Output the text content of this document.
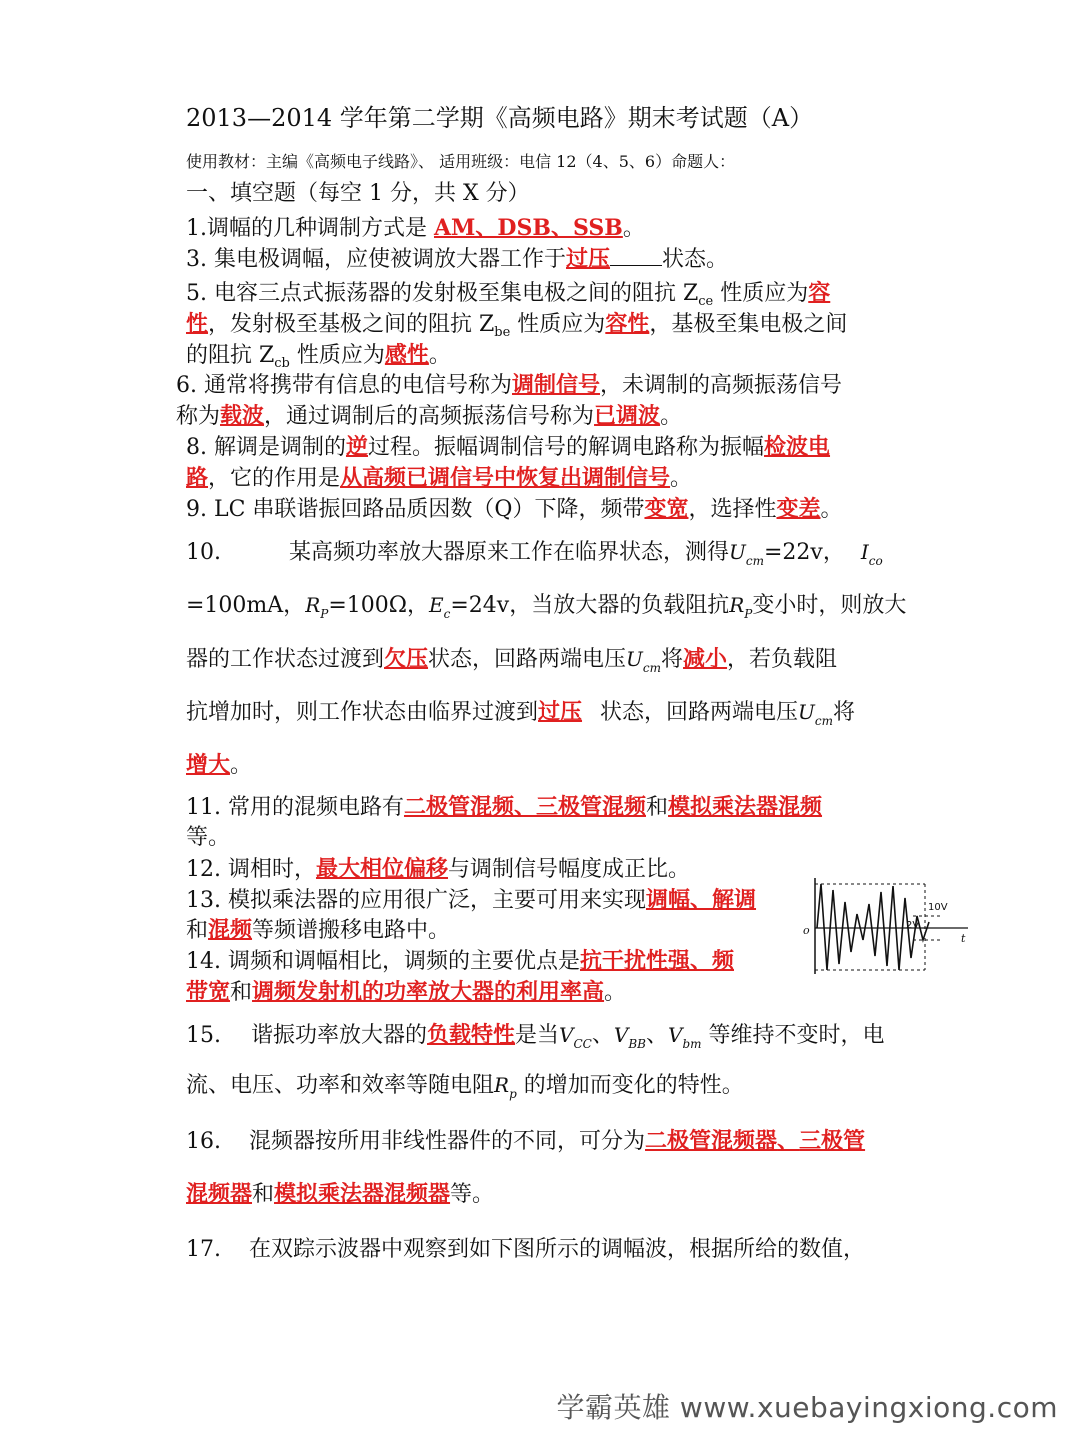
2013—2014 学年第二学期《高频电路》期末考试题（A）
使用教材：主编《高频电子线路》、 适用班级：电信 12（4、5、6）命题人：
一、填空题（每空 1 分，共 X 分）
1.调幅的几种调制方式是 AM、DSB、SSB。
3. 集电极调幅，应使被调放大器工作于过压 状态。
5. 电容三点式振荡器的发射极至集电极之间的阻抗 $Z_{ce}$ 性质应为容
性，发射极至基极之间的阻抗 $Z_{be}$ 性质应为容性，基极至集电极之间
的阻抗 $Z_{cb}$ 性质应为感性。
6. 通常将携带有信息的电信号称为调制信号，未调制的高频振荡信号
称为载波，通过调制后的高频振荡信号称为已调波。
8. 解调是调制的逆过程。振幅调制信号的解调电路称为振幅检波电
路，它的作用是从高频已调信号中恢复出调制信号。
9. LC 串联谐振回路品质因数（Q）下降，频带变宽，选择性变差。
10.	某高频功率放大器原来工作在临界状态，测得$U_{cm}=22v$， $I_{co}$
=100mA，$R_P=100\Omega$，$E_c=24v$，当放大器的负载阻抗$R_P$变小时，则放大
器的工作状态过渡到欠压状态，回路两端电压$U_{cm}$将减小，若负载阻
抗增加时，则工作状态由临界过渡到过压 状态，回路两端电压$U_{cm}$将
增大。
11. 常用的混频电路有二极管混频、三极管混频和模拟乘法器混频
等。
12. 调相时，最大相位偏移与调制信号幅度成正比。
13. 模拟乘法器的应用很广泛，主要可用来实现调幅、解调
和混频等频谱搬移电路中。
14. 调频和调幅相比，调频的主要优点是抗干扰性强、频
带宽和调频发射机的功率放大器的利用率高。
10V
2V
o
t
15. 谐振功率放大器的负载特性是当$V_{CC}$、$V_{BB}$、$V_{bm}$ 等维持不变时，电
流、电压、功率和效率等随电阻$R_p$ 的增加而变化的特性。
16. 混频器按所用非线性器件的不同，可分为二极管混频器、三极管
混频器和模拟乘法器混频器等。
17. 在双踪示波器中观察到如下图所示的调幅波，根据所给的数值，
学霸英雄 www.xuebayingxiong.com
